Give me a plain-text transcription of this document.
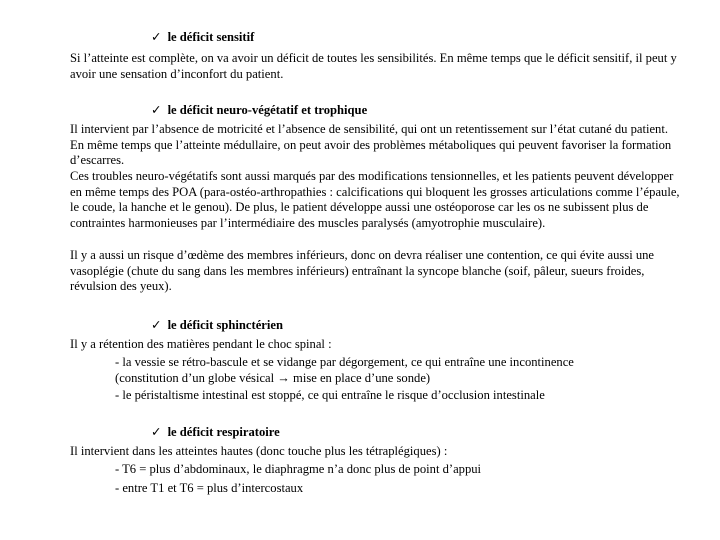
✓ le déficit sensitif
Si l’atteinte est complète, on va avoir un déficit de toutes les sensibilités. En même temps que le déficit sensitif, il peut y avoir une sensation d’inconfort du patient.
✓ le déficit neuro-végétatif et trophique
Il intervient par l’absence de motricité et l’absence de sensibilité, qui ont un retentissement sur l’état cutané du patient. En même temps que l’atteinte médullaire, on peut avoir des problèmes métaboliques qui peuvent favoriser la formation d’escarres.
Ces troubles neuro-végétatifs sont aussi marqués par des modifications tensionnelles, et les patients peuvent développer en même temps des POA (para-ostéo-arthropathies : calcifications qui bloquent les grosses articulations comme l’épaule, le coude, la hanche et le genou). De plus, le patient développe aussi une ostéoporose car les os ne subissent plus de contraintes harmonieuses par l’intermédiaire des muscles paralysés (amyotrophie musculaire).
Il y a aussi un risque d’œdème des membres inférieurs, donc on devra réaliser une contention, ce qui évite aussi une vasoplégie (chute du sang dans les membres inférieurs) entraînant la syncope blanche (soif, pâleur, sueurs froides, révulsion des yeux).
✓ le déficit sphinctérien
Il y a rétention des matières pendant le choc spinal :
- la vessie se rétro-bascule et se vidange par dégorgement, ce qui entraîne une incontinence
(constitution d’un globe vésical → mise en place d’une sonde)
- le péristaltisme intestinal est stoppé, ce qui entraîne le risque d’occlusion intestinale
✓ le déficit respiratoire
Il intervient dans les atteintes hautes (donc touche plus les tétraplégiques) :
- T6 = plus d’abdominaux, le diaphragme n’a donc plus de point d’appui
- entre T1 et T6 = plus d’intercostaux
